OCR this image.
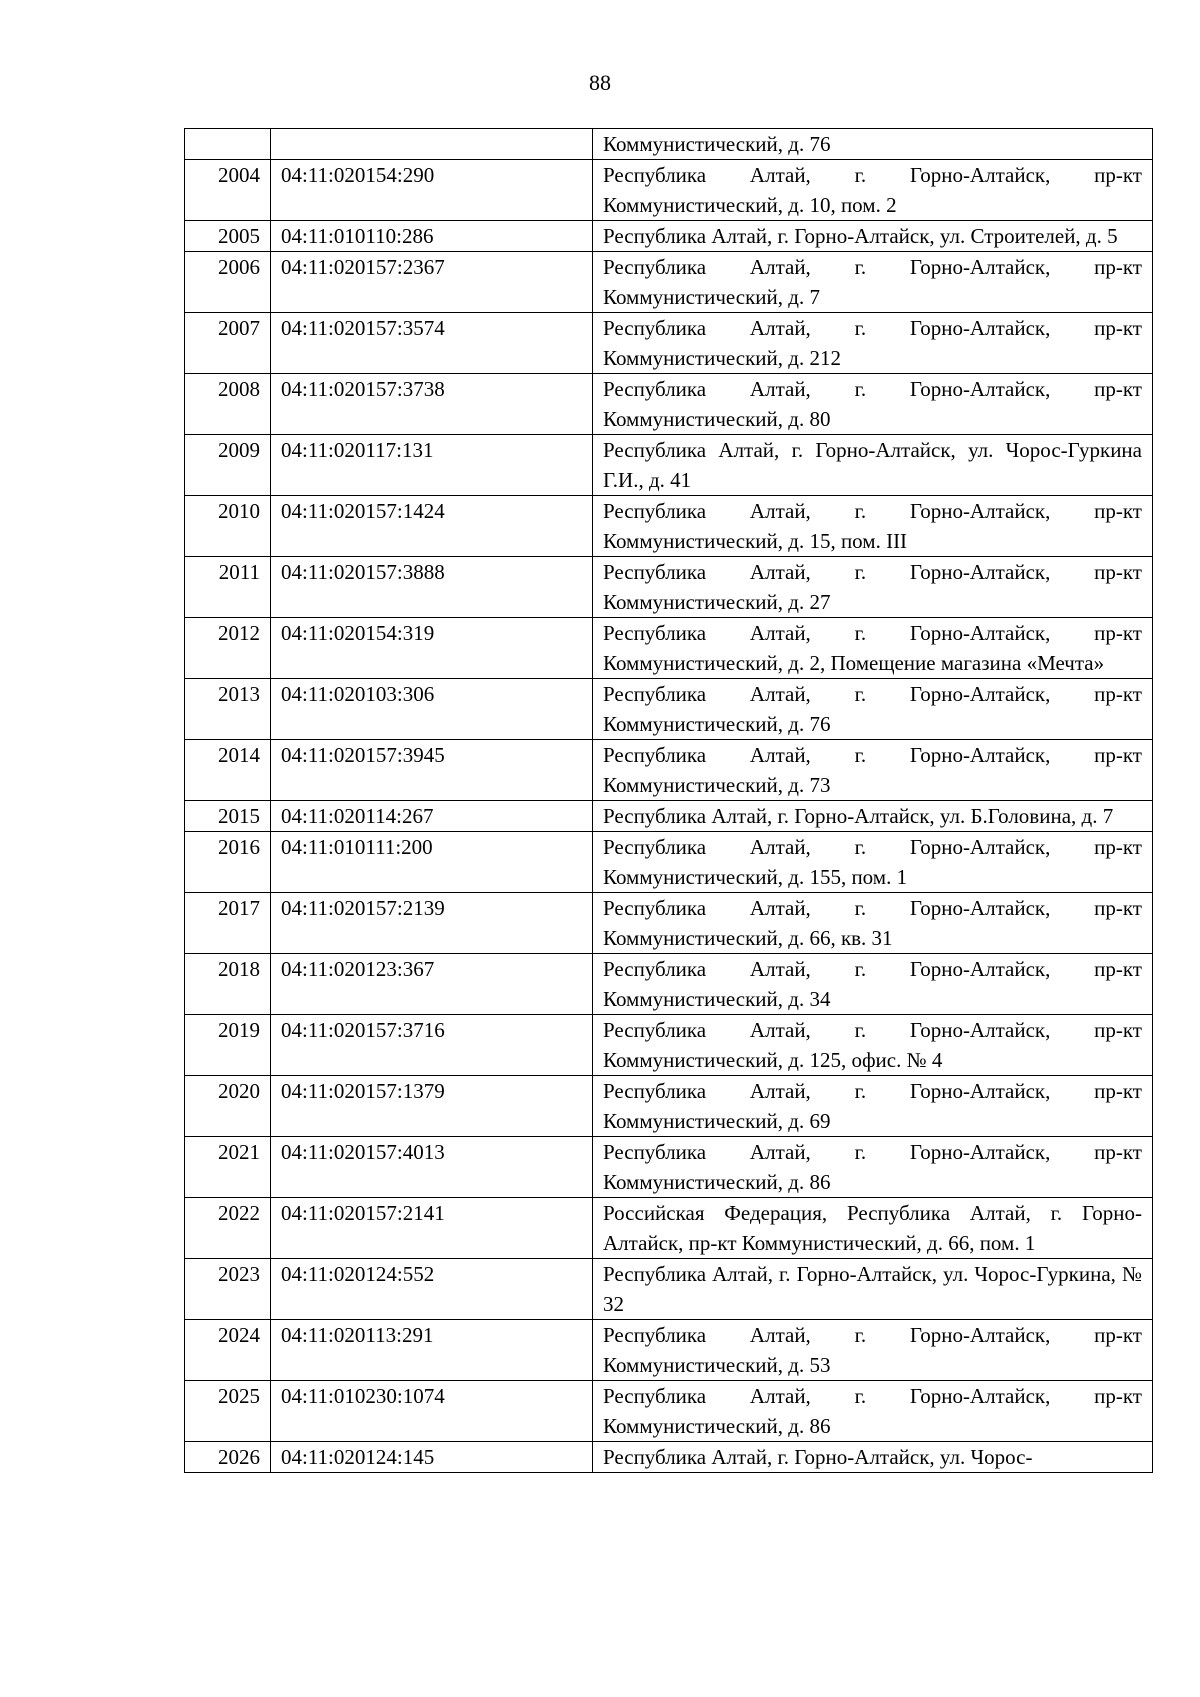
88
		Коммунистический, д. 76
2004	04:11:020154:290	Республика Алтай, г. Горно-Алтайск, пр-кт Коммунистический, д. 10, пом. 2
2005	04:11:010110:286	Республика Алтай, г. Горно-Алтайск, ул. Строителей, д. 5
2006	04:11:020157:2367	Республика Алтай, г. Горно-Алтайск, пр-кт Коммунистический, д. 7
2007	04:11:020157:3574	Республика Алтай, г. Горно-Алтайск, пр-кт Коммунистический, д. 212
2008	04:11:020157:3738	Республика Алтай, г. Горно-Алтайск, пр-кт Коммунистический, д. 80
2009	04:11:020117:131	Республика Алтай, г. Горно-Алтайск, ул. Чорос-Гуркина Г.И., д. 41
2010	04:11:020157:1424	Республика Алтай, г. Горно-Алтайск, пр-кт Коммунистический, д. 15, пом. III
2011	04:11:020157:3888	Республика Алтай, г. Горно-Алтайск, пр-кт Коммунистический, д. 27
2012	04:11:020154:319	Республика Алтай, г. Горно-Алтайск, пр-кт Коммунистический, д. 2, Помещение магазина «Мечта»
2013	04:11:020103:306	Республика Алтай, г. Горно-Алтайск, пр-кт Коммунистический, д. 76
2014	04:11:020157:3945	Республика Алтай, г. Горно-Алтайск, пр-кт Коммунистический, д. 73
2015	04:11:020114:267	Республика Алтай, г. Горно-Алтайск, ул. Б.Головина, д. 7
2016	04:11:010111:200	Республика Алтай, г. Горно-Алтайск, пр-кт Коммунистический, д. 155, пом. 1
2017	04:11:020157:2139	Республика Алтай, г. Горно-Алтайск, пр-кт Коммунистический, д. 66, кв. 31
2018	04:11:020123:367	Республика Алтай, г. Горно-Алтайск, пр-кт Коммунистический, д. 34
2019	04:11:020157:3716	Республика Алтай, г. Горно-Алтайск, пр-кт Коммунистический, д. 125, офис. № 4
2020	04:11:020157:1379	Республика Алтай, г. Горно-Алтайск, пр-кт Коммунистический, д. 69
2021	04:11:020157:4013	Республика Алтай, г. Горно-Алтайск, пр-кт Коммунистический, д. 86
2022	04:11:020157:2141	Российская Федерация, Республика Алтай, г. Горно-Алтайск, пр-кт Коммунистический, д. 66, пом. 1
2023	04:11:020124:552	Республика Алтай, г. Горно-Алтайск, ул. Чорос-Гуркина, № 32
2024	04:11:020113:291	Республика Алтай, г. Горно-Алтайск, пр-кт Коммунистический, д. 53
2025	04:11:010230:1074	Республика Алтай, г. Горно-Алтайск, пр-кт Коммунистический, д. 86
2026	04:11:020124:145	Республика Алтай, г. Горно-Алтайск, ул. Чорос-
